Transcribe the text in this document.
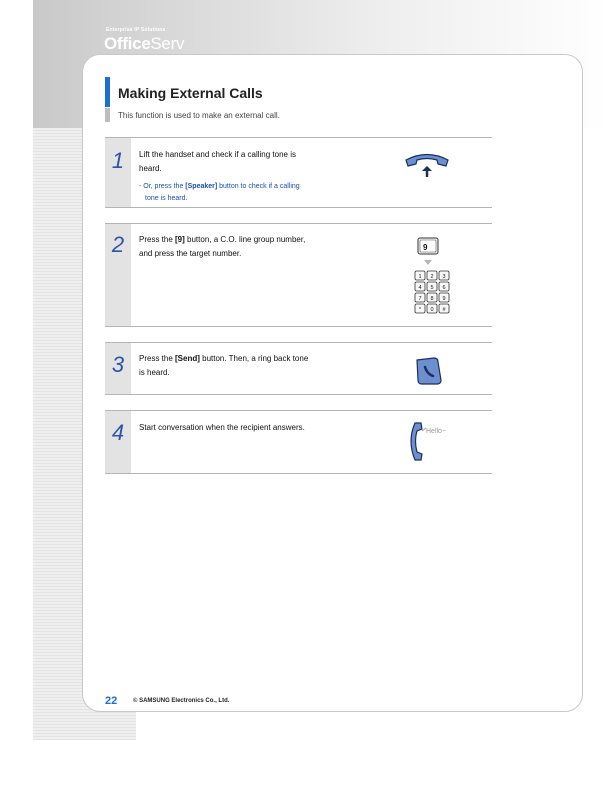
Enterprise IP Solutions
OfficeServ
Making External Calls
This function is used to make an external call.
1	Lift the handset and check if a calling tone is
heard.
- Or, press the [Speaker] button to check if a calling
tone is heard.
2	Press the [9] button, a C.O. line group number,
and press the target number.
9
1 2 3
4 5 6
7 8 9
* 0 #
3	Press the [Send] button. Then, a ring back tone
is heard.
4	Start conversation when the recipient answers.	Hello~
22	© SAMSUNG Electronics Co., Ltd.
